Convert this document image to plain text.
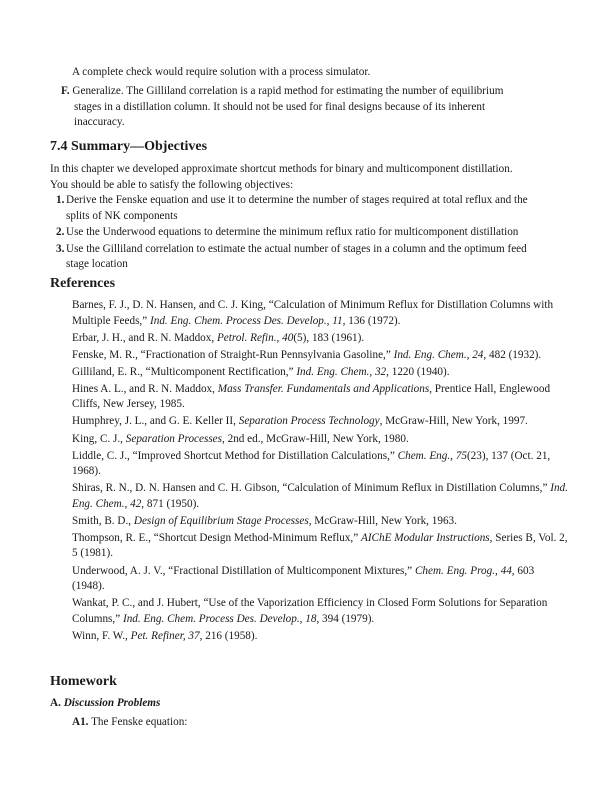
A complete check would require solution with a process simulator.
F. Generalize. The Gilliland correlation is a rapid method for estimating the number of equilibrium
stages in a distillation column. It should not be used for final designs because of its inherent
inaccuracy.
7.4 Summary—Objectives
In this chapter we developed approximate shortcut methods for binary and multicomponent distillation.
You should be able to satisfy the following objectives:
1. Derive the Fenske equation and use it to determine the number of stages required at total reflux and the
splits of NK components
2. Use the Underwood equations to determine the minimum reflux ratio for multicomponent distillation
3. Use the Gilliland correlation to estimate the actual number of stages in a column and the optimum feed
stage location
References
Barnes, F. J., D. N. Hansen, and C. J. King, “Calculation of Minimum Reflux for Distillation Columns with Multiple Feeds,” Ind. Eng. Chem. Process Des. Develop., 11, 136 (1972).
Erbar, J. H., and R. N. Maddox, Petrol. Refin., 40(5), 183 (1961).
Fenske, M. R., “Fractionation of Straight-Run Pennsylvania Gasoline,” Ind. Eng. Chem., 24, 482 (1932).
Gilliland, E. R., “Multicomponent Rectification,” Ind. Eng. Chem., 32, 1220 (1940).
Hines A. L., and R. N. Maddox, Mass Transfer. Fundamentals and Applications, Prentice Hall, Englewood Cliffs, New Jersey, 1985.
Humphrey, J. L., and G. E. Keller II, Separation Process Technology, McGraw-Hill, New York, 1997.
King, C. J., Separation Processes, 2nd ed., McGraw-Hill, New York, 1980.
Liddle, C. J., “Improved Shortcut Method for Distillation Calculations,” Chem. Eng., 75(23), 137 (Oct. 21, 1968).
Shiras, R. N., D. N. Hansen and C. H. Gibson, “Calculation of Minimum Reflux in Distillation Columns,” Ind. Eng. Chem., 42, 871 (1950).
Smith, B. D., Design of Equilibrium Stage Processes, McGraw-Hill, New York, 1963.
Thompson, R. E., “Shortcut Design Method-Minimum Reflux,” AIChE Modular Instructions, Series B, Vol. 2, 5 (1981).
Underwood, A. J. V., “Fractional Distillation of Multicomponent Mixtures,” Chem. Eng. Prog., 44, 603 (1948).
Wankat, P. C., and J. Hubert, “Use of the Vaporization Efficiency in Closed Form Solutions for Separation Columns,” Ind. Eng. Chem. Process Des. Develop., 18, 394 (1979).
Winn, F. W., Pet. Refiner, 37, 216 (1958).
Homework
A. Discussion Problems
A1. The Fenske equation:
